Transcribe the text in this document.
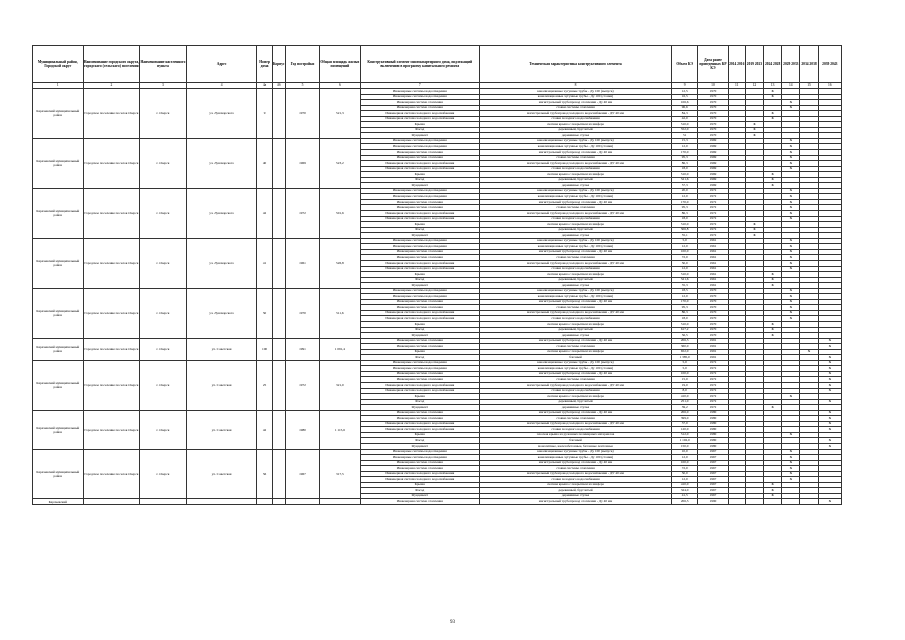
Муниципальный район, Городской округ	Наименование городского округа, городского (сельского) поселения	Наименование населенного пункта	Адрес	Номер дома	Корпус	Год постройки	Общая площадь жилых помещений	Конструктивный элемент многоквартирного дома, подлежащий включению в программу капитального ремонта	Техническая характеристика конструктивного элемента	Объем КЭ	Дата ранее проведенных КР КЭ	2014 2016	2019 2023	2024 2028	2029 2033	2034 2038	2039 2043
1	2	3	4	4а	4б	5	6	7	8	9	10	11	12	13	14	15	16
Карачевский муниципальный район	Городское поселение поселок Озерск	г. Озерск	ул. Луначарского	9		1970	521,3	Инженерные системы водоотведения	канализационные чугунные трубы - Ду 100 (выпуск)	12,5	1970			Х			
								Инженерные системы водоотведения	канализационные чугунные трубы - Ду 100 (стояки)	16,5	1970			Х			
								Инженерная система отопления	магистральный трубопровод отопления - Ду 40 мм	106,6	1970				Х		
								Инженерная система отопления	стояки системы отопления	96,6	1970				Х		
								Инженерная система холодного водоснабжения	магистральный трубопровод холодного водоснабжения - ДУ 40 мм	84,3	1970			Х			
								Инженерная система холодного водоснабжения	стояки холодного водоснабжения	42,0	1970			Х			
								Крыша	скатная крыша с покрытием из шифера	510,0	1970		Х				
								Фасад	деревянный, брусчатый	552,0	1970		Х				
								Фундамент	деревянные стулья	51	1970		Х				
Карачевский муниципальный район	Городское поселение поселок Озерск	г. Озерск	ул. Луначарского	40		1969	523,2	Инженерные системы водоотведения	канализационные чугунные трубы - Ду 100 (выпуск)	15,3	1969				Х		
								Инженерные системы водоотведения	канализационные чугунные трубы - Ду 100 (стояки)	12,0	1969				Х		
								Инженерная система отопления	магистральный трубопровод отопления - Ду 40 мм	170,0	1969				Х		
								Инженерная система отопления	стояки системы отопления	95,3	1969				Х		
								Инженерная система холодного водоснабжения	магистральный трубопровод холодного водоснабжения - ДУ 40 мм	86,3	1969				Х		
								Инженерная система холодного водоснабжения	стояки холодного водоснабжения	18,0	1969				Х		
								Крыша	скатная крыша с покрытием из шифера	510,0	1969			Х			
								Фасад	деревянный, брусчатый	521,6	1969			Х			
								Фундамент	деревянные стулья	57,3	1969			Х			
Карачевский муниципальный район	Городское поселение поселок Озерск	г. Озерск	ул. Луначарского	42		1972	501,6	Инженерные системы водоотведения	канализационные чугунные трубы - Ду 100 (выпуск)	20,0	1972				Х		
								Инженерные системы водоотведения	канализационные чугунные трубы - Ду 100 (стояки)	12,0	1972				Х		
								Инженерная система отопления	магистральный трубопровод отопления - Ду 40 мм	170,0	1972				Х		
								Инженерная система отопления	стояки системы отопления	95,3	1972				Х		
								Инженерная система холодного водоснабжения	магистральный трубопровод холодного водоснабжения - ДУ 40 мм	86,3	1972				Х		
								Инженерная система холодного водоснабжения	стояки холодного водоснабжения	18,0	1972				Х		
								Крыша	скатная крыша с покрытием из шифера	510,0	1972		Х				
								Фасад	деревянный, брусчатый	506,8	1972		Х				
								Фундамент	деревянные стулья	55,1	1972		Х				
Карачевский муниципальный район	Городское поселение поселок Озерск	г. Озерск	ул. Луначарского	41		1961	526,8	Инженерные системы водоотведения	канализационные чугунные трубы - Ду 100 (выпуск)	5,0	1961				Х		
								Инженерные системы водоотведения	канализационные чугунные трубы - Ду 100 (стояки)	12,0	1961				Х		
								Инженерная система отопления	магистральный трубопровод отопления - Ду 40 мм	100,0	1961				Х		
								Инженерная система отопления	стояки системы отопления	72,0	1961				Х		
								Инженерная система холодного водоснабжения	магистральный трубопровод холодного водоснабжения - ДУ 40 мм	50,0	1961				Х		
								Инженерная система холодного водоснабжения	стояки холодного водоснабжения	12,0	1961				Х		
								Крыша	скатная крыша с покрытием из шифера	510,0	1961			Х			
								Фасад	деревянный, брусчатый	521,6	1961			Х			
								Фундамент	деревянные стулья	35,3	1961			Х			
Карачевский муниципальный район	Городское поселение поселок Озерск	г. Озерск	ул. Луначарского	50		1970	511,6	Инженерные системы водоотведения	канализационные чугунные трубы - Ду 100 (выпуск)	18,5	1970				Х		
								Инженерные системы водоотведения	канализационные чугунные трубы - Ду 100 (стояки)	12,0	1970				Х		
								Инженерная система отопления	магистральный трубопровод отопления - Ду 40 мм	170,0	1970				Х		
								Инженерная система отопления	стояки системы отопления	95,3	1970				Х		
								Инженерная система холодного водоснабжения	магистральный трубопровод холодного водоснабжения - ДУ 40 мм	86,3	1970				Х		
								Инженерная система холодного водоснабжения	стояки холодного водоснабжения	18,0	1970				Х		
								Крыша	скатная крыша с покрытием из шифера	510,0	1970			Х			
								Фасад	деревянный, брусчатый	617,2	1970			Х			
								Фундамент	деревянные стулья	56,5	1970			Х			
Карачевский муниципальный район	Городское поселение поселок Озерск	г. Озерск	ул. Советская	100		1991	1 091,4	Инженерная система отопления	магистральный трубопровод отопления - Ду 40 мм	206,3	1991						Х
								Инженерная система отопления	стояки системы отопления	360,0	1991						Х
								Крыша	скатная крыша с покрытием из шифера	652,0	1991					Х	
								Фасад	блочный	1 385,0	1991						Х
Карачевский муниципальный район	Городское поселение поселок Озерск	г. Озерск	ул. Советская	25		1972	321,0	Инженерные системы водоотведения	канализационные чугунные трубы - Ду 100 (выпуск)	5,0	1972						Х
								Инженерные системы водоотведения	канализационные чугунные трубы - Ду 100 (стояки)	5,0	1972						Х
								Инженерная система отопления	магистральный трубопровод отопления - Ду 40 мм	100,0	1972						Х
								Инженерная система отопления	стояки системы отопления	15,0	1972						Х
								Инженерная система холодного водоснабжения	магистральный трубопровод холодного водоснабжения - ДУ 40 мм	19,0	1972						Х
								Инженерная система холодного водоснабжения	стояки холодного водоснабжения	8,0	1972						Х
								Крыша	скатная крыша с покрытием из шифера	410,0	1972				Х		
								Фасад	деревянный, брусчатый	251,0	1972						Х
								Фундамент	деревянные стулья	39,2	1972			Х			
Карачевский муниципальный район	Городское поселение поселок Озерск	г. Озерск	ул. Советская	42		1980	1 115,6	Инженерная система отопления	магистральный трубопровод отопления - Ду 40 мм	206,0	1980						Х
								Инженерная система отопления	стояки системы отопления	399,0	1980						Х
								Инженерная система холодного водоснабжения	магистральный трубопровод холодного водоснабжения - ДУ 40 мм	37,0	1980						Х
								Инженерная система холодного водоснабжения	стояки холодного водоснабжения	120,0	1980						Х
								Крыша	плоская крыша из рулонных полимерных материалов	512,0	1980				Х		
								Фасад	блочный	1 102,0	1980						Х
								Фундамент	монолитные, железобетонные, бетонные ленточные	150,0	1980						Х
Карачевский муниципальный район	Городское поселение поселок Озерск	г. Озерск	ул. Советская	56		1967	317,5	Инженерные системы водоотведения	канализационные чугунные трубы - Ду 100 (выпуск)	10,0	1967				Х		
								Инженерные системы водоотведения	канализационные чугунные трубы - Ду 100 (стояки)	12,0	1967				Х		
								Инженерная система отопления	магистральный трубопровод отопления - Ду 40 мм	100,0	1967				Х		
								Инженерная система отопления	стояки системы отопления	72,0	1967				Х		
								Инженерная система холодного водоснабжения	магистральный трубопровод холодного водоснабжения - ДУ 40 мм	50,0	1967				Х		
								Инженерная система холодного водоснабжения	стояки холодного водоснабжения	12,0	1967				Х		
								Крыша	скатная крыша с покрытием из шифера	410,0	1967			Х			
								Фасад	деревянный, брусчатый	324,0	1967			Х			
								Фундамент	деревянные стулья	41,5	1967			Х			
Карачевский								Инженерная система отопления	магистральный трубопровод отопления - Ду 40 мм	206,3	1990						Х
93
